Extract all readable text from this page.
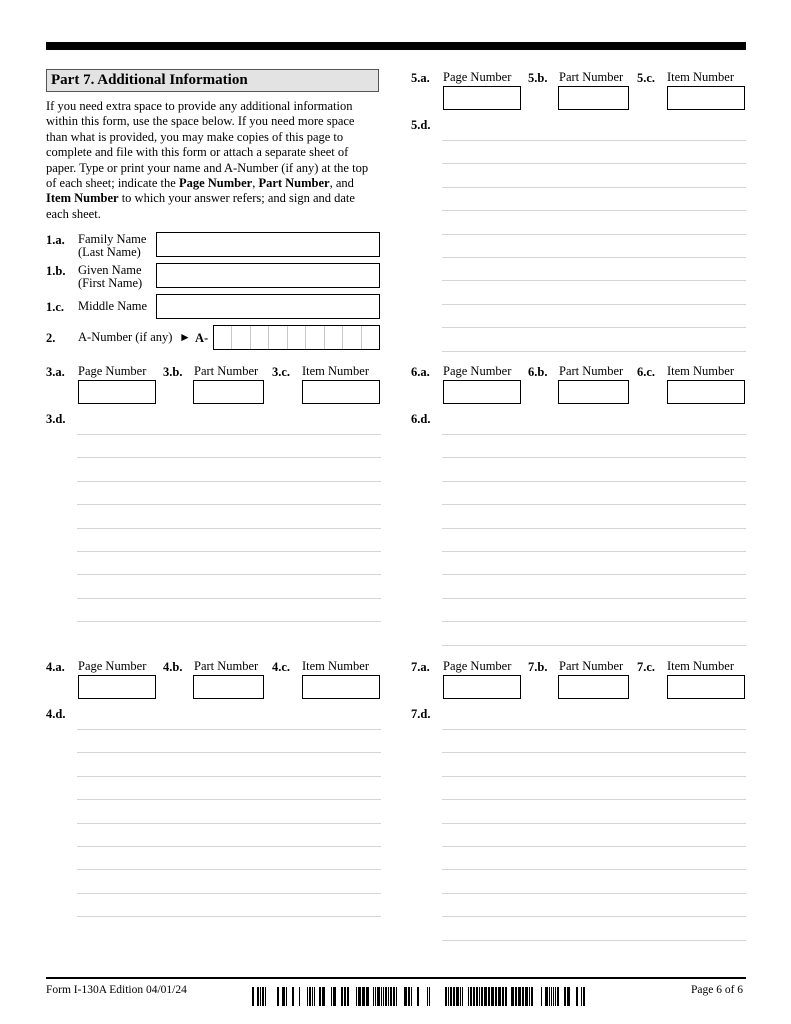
Part 7. Additional Information
If you need extra space to provide any additional information within this form, use the space below. If you need more space than what is provided, you may make copies of this page to complete and file with this form or attach a separate sheet of paper. Type or print your name and A-Number (if any) at the top of each sheet; indicate the Page Number, Part Number, and Item Number to which your answer refers; and sign and date each sheet.
1.a. Family Name
(Last Name)
1.b. Given Name
(First Name)
1.c. Middle Name
2. A-Number (if any) ► A-
3.a. Page Number 3.b. Part Number 3.c. Item Number
3.d.
4.a. Page Number 4.b. Part Number 4.c. Item Number
4.d.
5.a. Page Number 5.b. Part Number 5.c. Item Number
5.d.
6.a. Page Number 6.b. Part Number 6.c. Item Number
6.d.
7.a. Page Number 7.b. Part Number 7.c. Item Number
7.d.
Form I-130A Edition 04/01/24	Page 6 of 6
